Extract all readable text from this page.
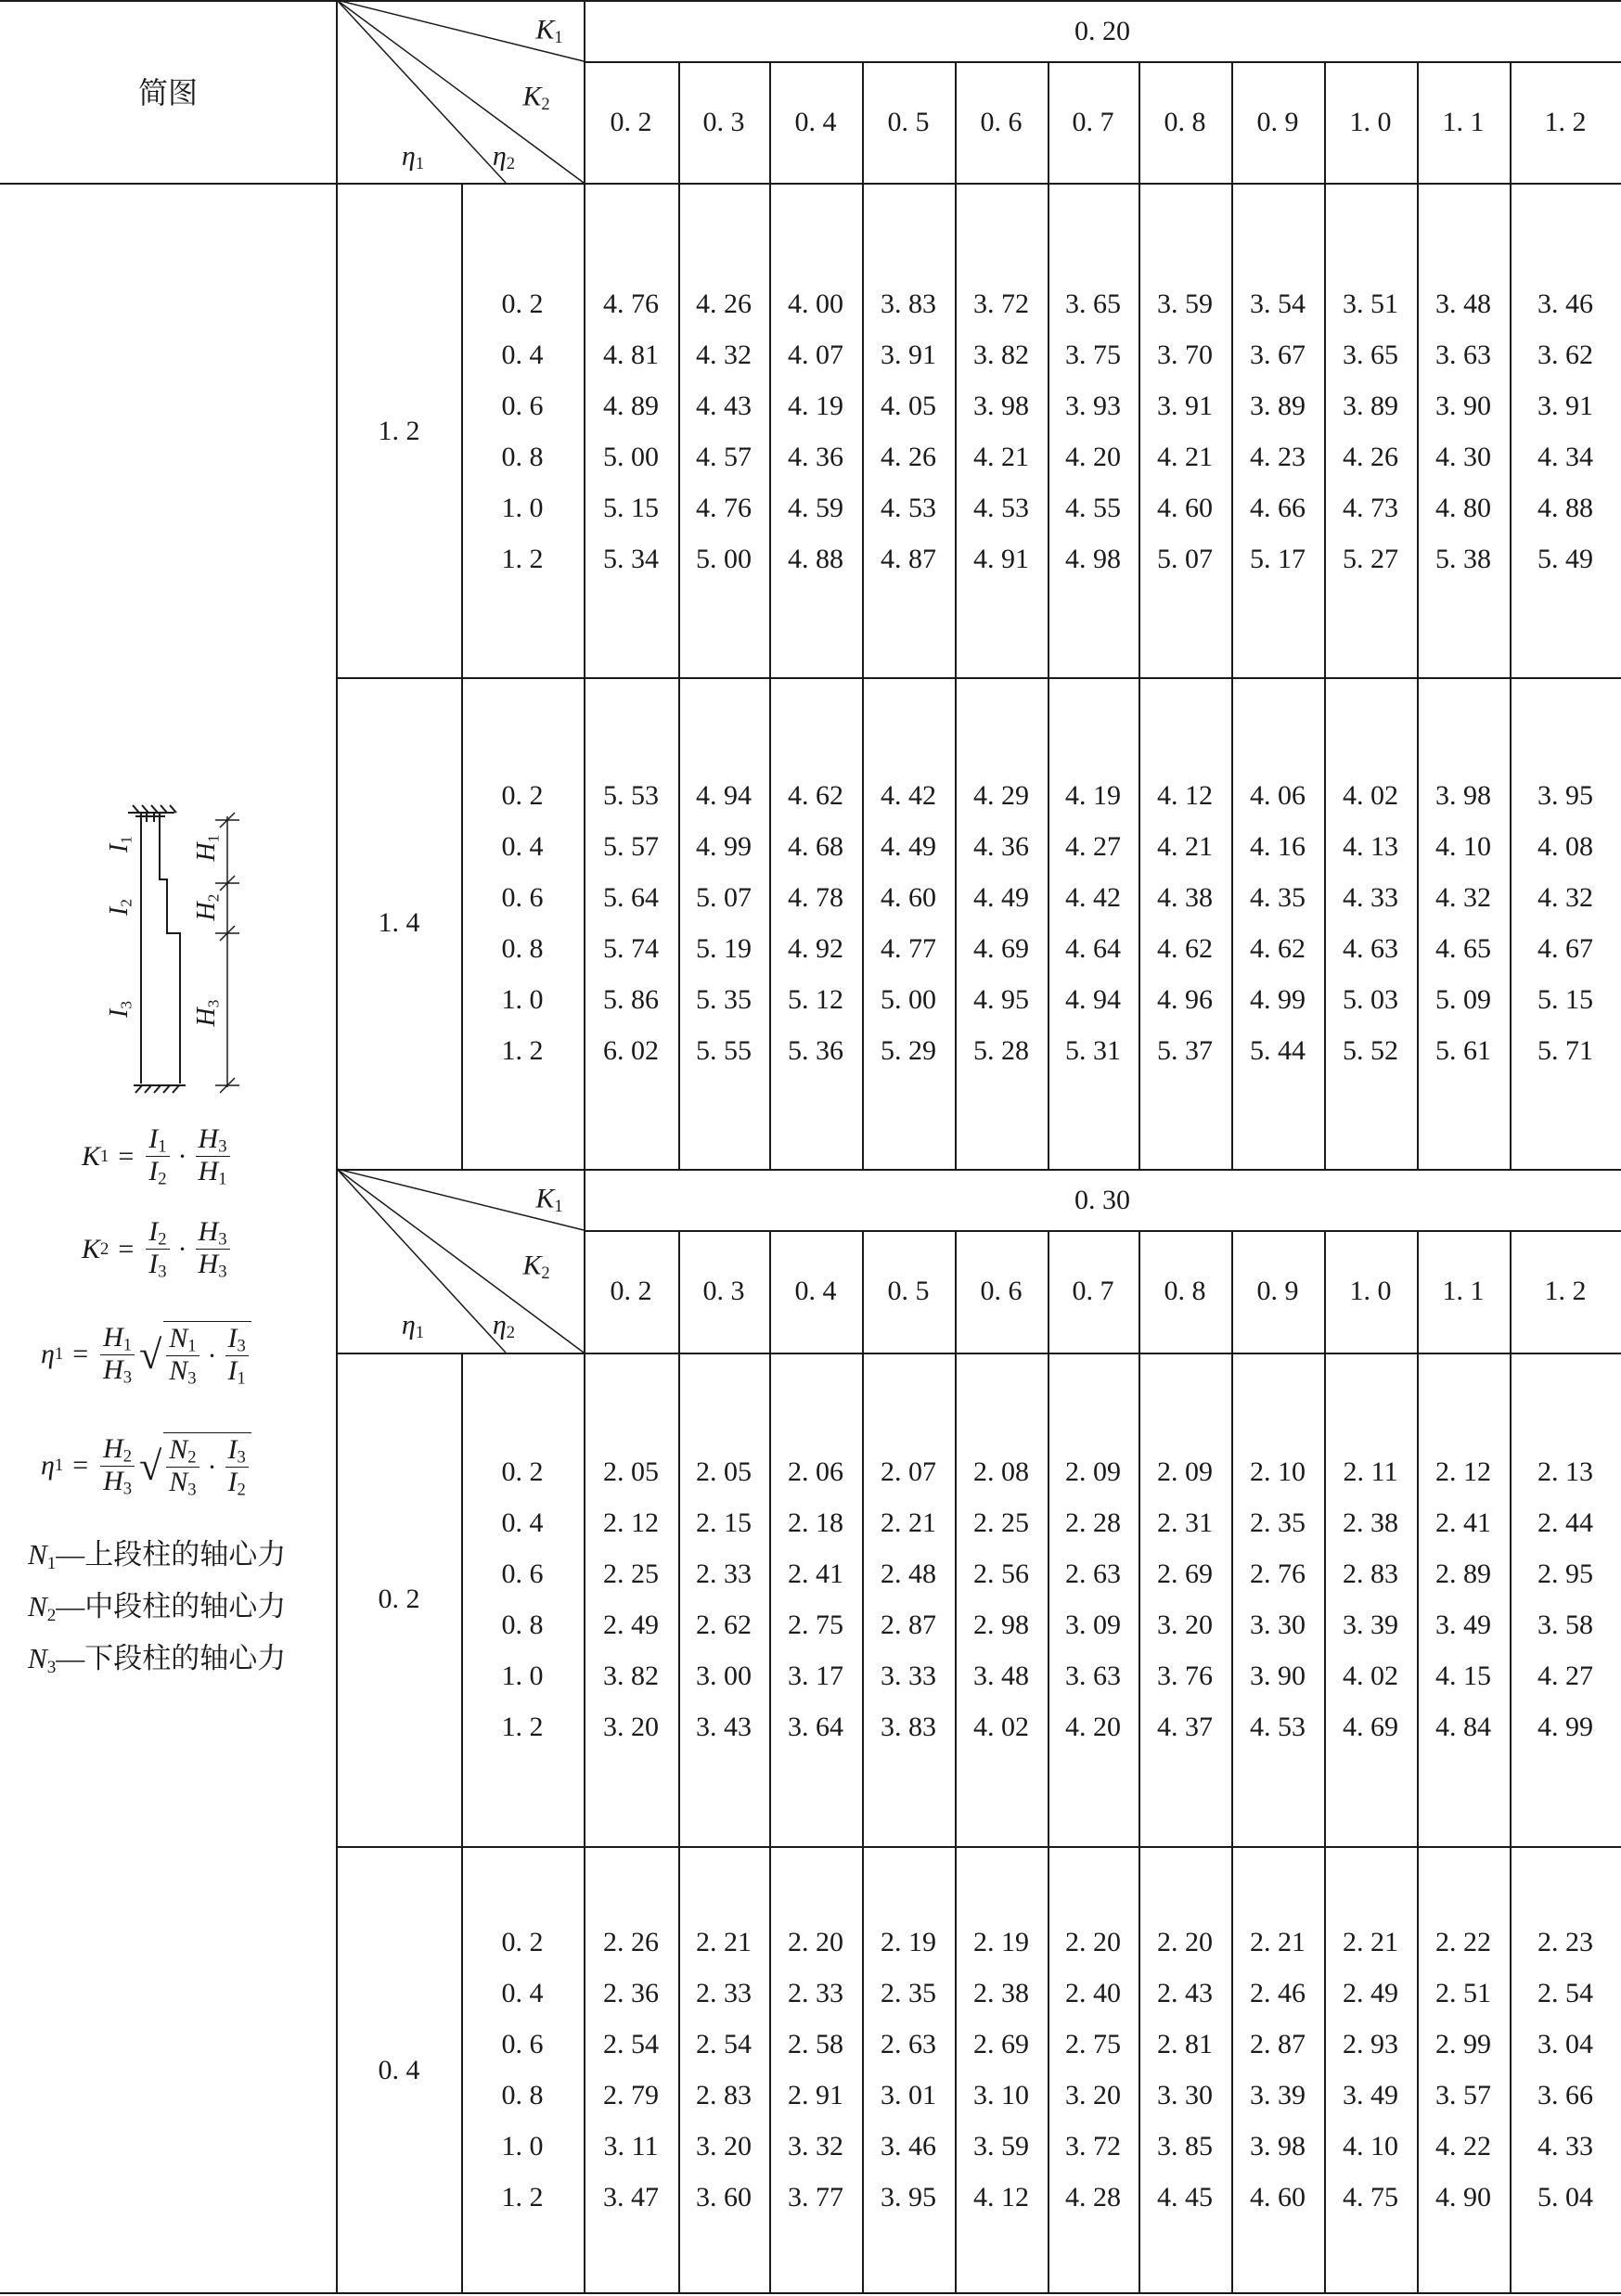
简图
$K_1$
$K_2$
$\eta_1$ $\eta_2$
0. 20
$K_1$
$K_2$
$\eta_1$ $\eta_2$
0. 30
0. 2 0. 3 0. 4 0. 5 0. 6 0. 7 0. 8 0. 9 1. 0 1. 1 1. 2
1. 2
0. 2 4. 76 4. 26 4. 00 3. 83 3. 72 3. 65 3. 59 3. 54 3. 51 3. 48 3. 46
0. 4 4. 81 4. 32 4. 07 3. 91 3. 82 3. 75 3. 70 3. 67 3. 65 3. 63 3. 62
0. 6 4. 89 4. 43 4. 19 4. 05 3. 98 3. 93 3. 91 3. 89 3. 89 3. 90 3. 91
0. 8 5. 00 4. 57 4. 36 4. 26 4. 21 4. 20 4. 21 4. 23 4. 26 4. 30 4. 34
1. 0 5. 15 4. 76 4. 59 4. 53 4. 53 4. 55 4. 60 4. 66 4. 73 4. 80 4. 88
1. 2 5. 34 5. 00 4. 88 4. 87 4. 91 4. 98 5. 07 5. 17 5. 27 5. 38 5. 49
1. 4
0. 2 5. 53 4. 94 4. 62 4. 42 4. 29 4. 19 4. 12 4. 06 4. 02 3. 98 3. 95
0. 4 5. 57 4. 99 4. 68 4. 49 4. 36 4. 27 4. 21 4. 16 4. 13 4. 10 4. 08
0. 6 5. 64 5. 07 4. 78 4. 60 4. 49 4. 42 4. 38 4. 35 4. 33 4. 32 4. 32
0. 8 5. 74 5. 19 4. 92 4. 77 4. 69 4. 64 4. 62 4. 62 4. 63 4. 65 4. 67
1. 0 5. 86 5. 35 5. 12 5. 00 4. 95 4. 94 4. 96 4. 99 5. 03 5. 09 5. 15
1. 2 6. 02 5. 55 5. 36 5. 29 5. 28 5. 31 5. 37 5. 44 5. 52 5. 61 5. 71
0. 2 0. 3 0. 4 0. 5 0. 6 0. 7 0. 8 0. 9 1. 0 1. 1 1. 2
0. 2
0. 2 2. 05 2. 05 2. 06 2. 07 2. 08 2. 09 2. 09 2. 10 2. 11 2. 12 2. 13
0. 4 2. 12 2. 15 2. 18 2. 21 2. 25 2. 28 2. 31 2. 35 2. 38 2. 41 2. 44
0. 6 2. 25 2. 33 2. 41 2. 48 2. 56 2. 63 2. 69 2. 76 2. 83 2. 89 2. 95
0. 8 2. 49 2. 62 2. 75 2. 87 2. 98 3. 09 3. 20 3. 30 3. 39 3. 49 3. 58
1. 0 3. 82 3. 00 3. 17 3. 33 3. 48 3. 63 3. 76 3. 90 4. 02 4. 15 4. 27
1. 2 3. 20 3. 43 3. 64 3. 83 4. 02 4. 20 4. 37 4. 53 4. 69 4. 84 4. 99
0. 4
0. 2 2. 26 2. 21 2. 20 2. 19 2. 19 2. 20 2. 20 2. 21 2. 21 2. 22 2. 23
0. 4 2. 36 2. 33 2. 33 2. 35 2. 38 2. 40 2. 43 2. 46 2. 49 2. 51 2. 54
0. 6 2. 54 2. 54 2. 58 2. 63 2. 69 2. 75 2. 81 2. 87 2. 93 2. 99 3. 04
0. 8 2. 79 2. 83 2. 91 3. 01 3. 10 3. 20 3. 30 3. 39 3. 49 3. 57 3. 66
1. 0 3. 11 3. 20 3. 32 3. 46 3. 59 3. 72 3. 85 3. 98 4. 10 4. 22 4. 33
1. 2 3. 47 3. 60 3. 77 3. 95 4. 12 4. 28 4. 45 4. 60 4. 75 4. 90 5. 04
$I_1$
$I_2$
$I_3$
$H_1$
$H_2$
$H_3$
K $1 = \frac{I_1}{I_2} \cdot \frac{H_3}{H_1}$
K $2 = \frac{I_2}{I_3} \cdot \frac{H_3}{H_3}$
η $1 = \frac{H_1}{H_3}$ √ $\frac{N_1}{N_3} \cdot \frac{I_3}{I_1}$
η $1 = \frac{H_2}{H_3}$ √ $\frac{N_2}{N_3} \cdot \frac{I_3}{I_2}$
$N_1—$上段柱的轴心力
$N_2—$中段柱的轴心力
$N_3—$下段柱的轴心力
